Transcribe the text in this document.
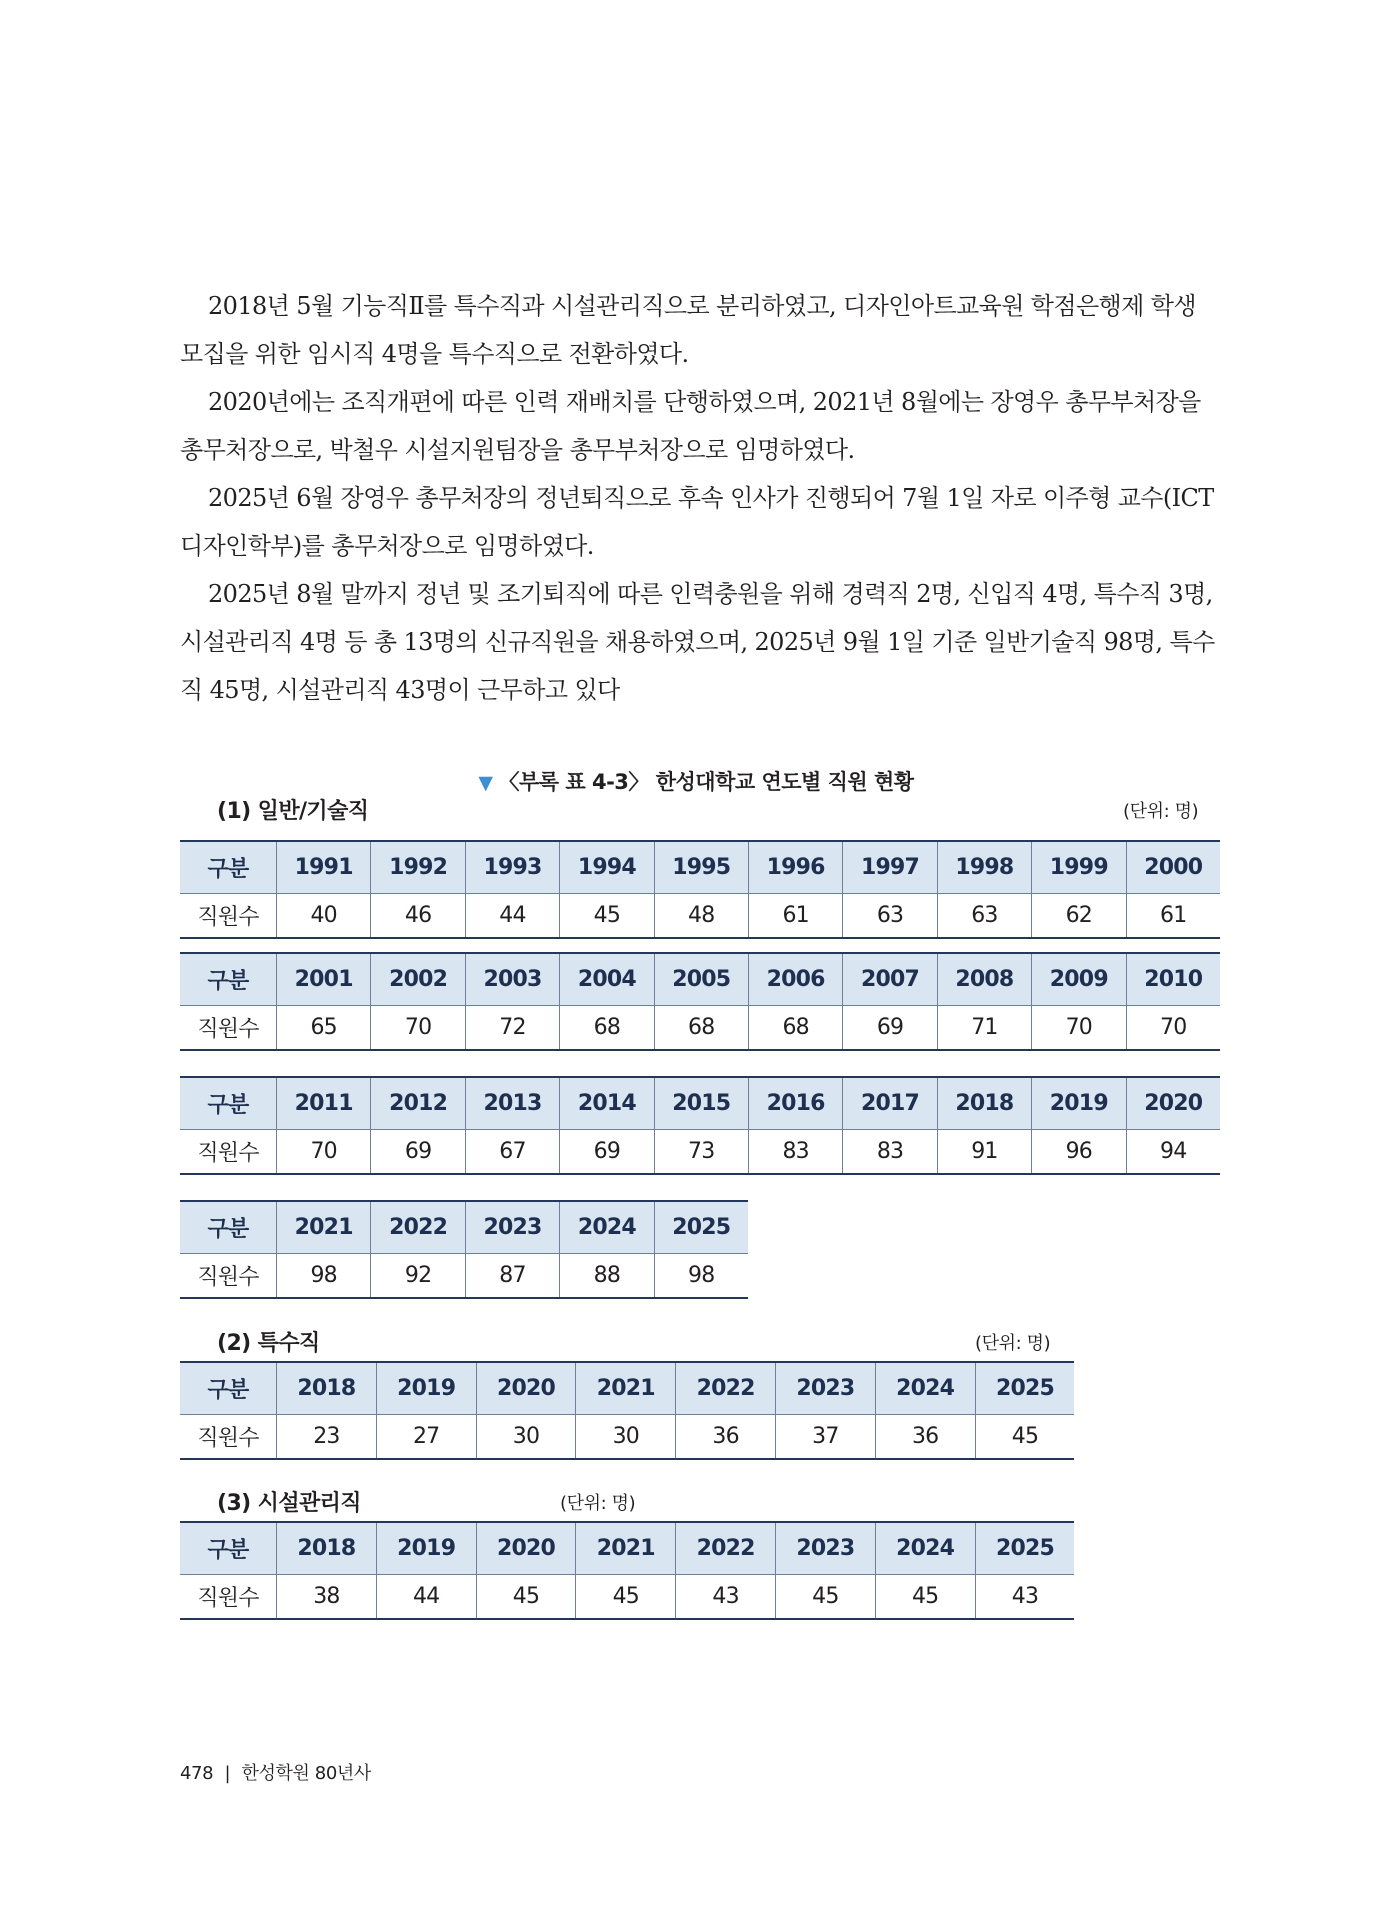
2018년 5월 기능직Ⅱ를 특수직과 시설관리직으로 분리하였고, 디자인아트교육원 학점은행제 학생 모집을 위한 임시직 4명을 특수직으로 전환하였다.

2020년에는 조직개편에 따른 인력 재배치를 단행하였으며, 2021년 8월에는 장영우 총무부처장을 총무처장으로, 박철우 시설지원팀장을 총무부처장으로 임명하였다.

2025년 6월 장영우 총무처장의 정년퇴직으로 후속 인사가 진행되어 7월 1일 자로 이주형 교수(ICT 디자인학부)를 총무처장으로 임명하였다.

2025년 8월 말까지 정년 및 조기퇴직에 따른 인력충원을 위해 경력직 2명, 신입직 4명, 특수직 3명, 시설관리직 4명 등 총 13명의 신규직원을 채용하였으며, 2025년 9월 1일 기준 일반기술직 98명, 특수직 45명, 시설관리직 43명이 근무하고 있다

▼ 〈부록 표 4-3〉 한성대학교 연도별 직원 현황
(1) 일반/기술직	(단위: 명)
구분	1991	1992	1993	1994	1995	1996	1997	1998	1999	2000
직원수	40	46	44	45	48	61	63	63	62	61
구분	2001	2002	2003	2004	2005	2006	2007	2008	2009	2010
직원수	65	70	72	68	68	68	69	71	70	70
구분	2011	2012	2013	2014	2015	2016	2017	2018	2019	2020
직원수	70	69	67	69	73	83	83	91	96	94
구분	2021	2022	2023	2024	2025
직원수	98	92	87	88	98
(2) 특수직	(단위: 명)
구분	2018	2019	2020	2021	2022	2023	2024	2025
직원수	23	27	30	30	36	37	36	45
(3) 시설관리직	(단위: 명)
구분	2018	2019	2020	2021	2022	2023	2024	2025
직원수	38	44	45	45	43	45	45	43
478 | 한성학원 80년사
